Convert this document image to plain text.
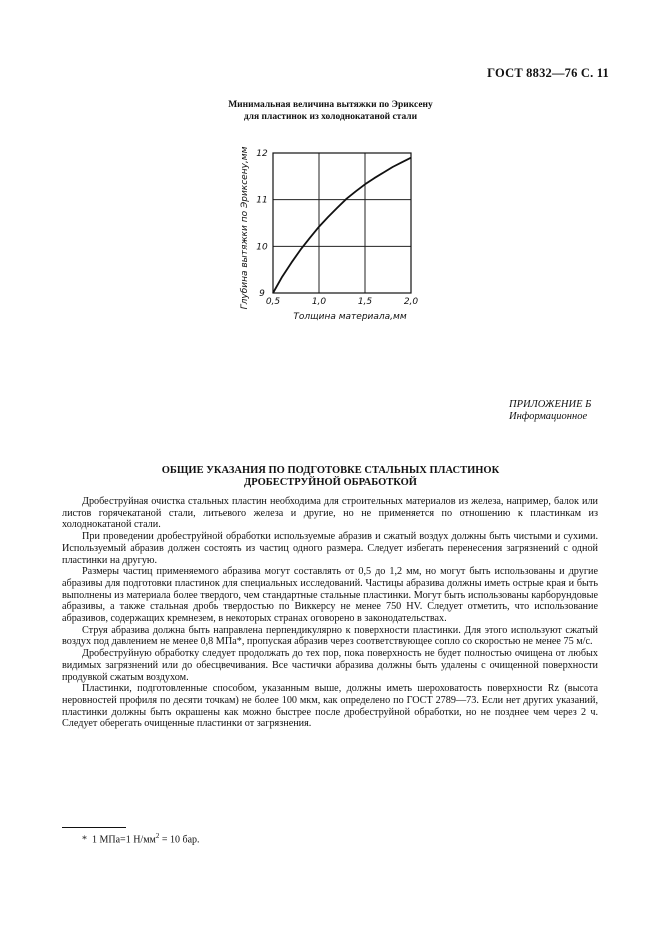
ГОСТ 8832—76 С. 11
Минимальная величина вытяжки по Эриксену
для пластинок из холоднокатаной стали
0,5	1,0	1,5	2,0
9
10
11
12
Толщина материала,мм
Глубина вытяжки по Эриксену,мм
ПРИЛОЖЕНИЕ Б
Информационное
ОБЩИЕ УКАЗАНИЯ ПО ПОДГОТОВКЕ СТАЛЬНЫХ ПЛАСТИНОК
ДРОБЕСТРУЙНОЙ ОБРАБОТКОЙ

Дробеструйная очистка стальных пластин необходима для строительных материалов из железа, например, балок или листов горячекатаной стали, литьевого железа и другие, но не применяется по отношению к пластинкам из холоднокатаной стали.

При проведении дробеструйной обработки используемые абразив и сжатый воздух должны быть чистыми и сухими. Используемый абразив должен состоять из частиц одного размера. Следует избегать перенесения загрязнений с одной пластинки на другую.

Размеры частиц применяемого абразива могут составлять от 0,5 до 1,2 мм, но могут быть использованы и другие абразивы для подготовки пластинок для специальных исследований. Частицы абразива должны иметь острые края и быть выполнены из материала более твердого, чем стандартные стальные пластинки. Могут быть использованы карборундовые абразивы, а также стальная дробь твердостью по Виккерсу не менее 750 HV. Следует отметить, что использование абразивов, содержащих кремнезем, в некоторых странах оговорено в законодательствах.

Струя абразива должна быть направлена перпендикулярно к поверхности пластинки. Для этого используют сжатый воздух под давлением не менее 0,8 МПа*, пропуская абразив через соответствующее сопло со скоростью не менее 75 м/с.

Дробеструйную обработку следует продолжать до тех пор, пока поверхность не будет полностью очищена от любых видимых загрязнений или до обесцвечивания. Все частички абразива должны быть удалены с очищенной поверхности продувкой сжатым воздухом.

Пластинки, подготовленные способом, указанным выше, должны иметь шероховатость поверхности Rz (высота неровностей профиля по десяти точкам) не более 100 мкм, как определено по ГОСТ 2789—73. Если нет других указаний, пластинки должны быть окрашены как можно быстрее после дробеструйной обработки, но не позднее чем через 2 ч. Следует оберегать очищенные пластинки от загрязнения.

* 1 МПа=1 $Н/мм^2 = 10$ бар.
